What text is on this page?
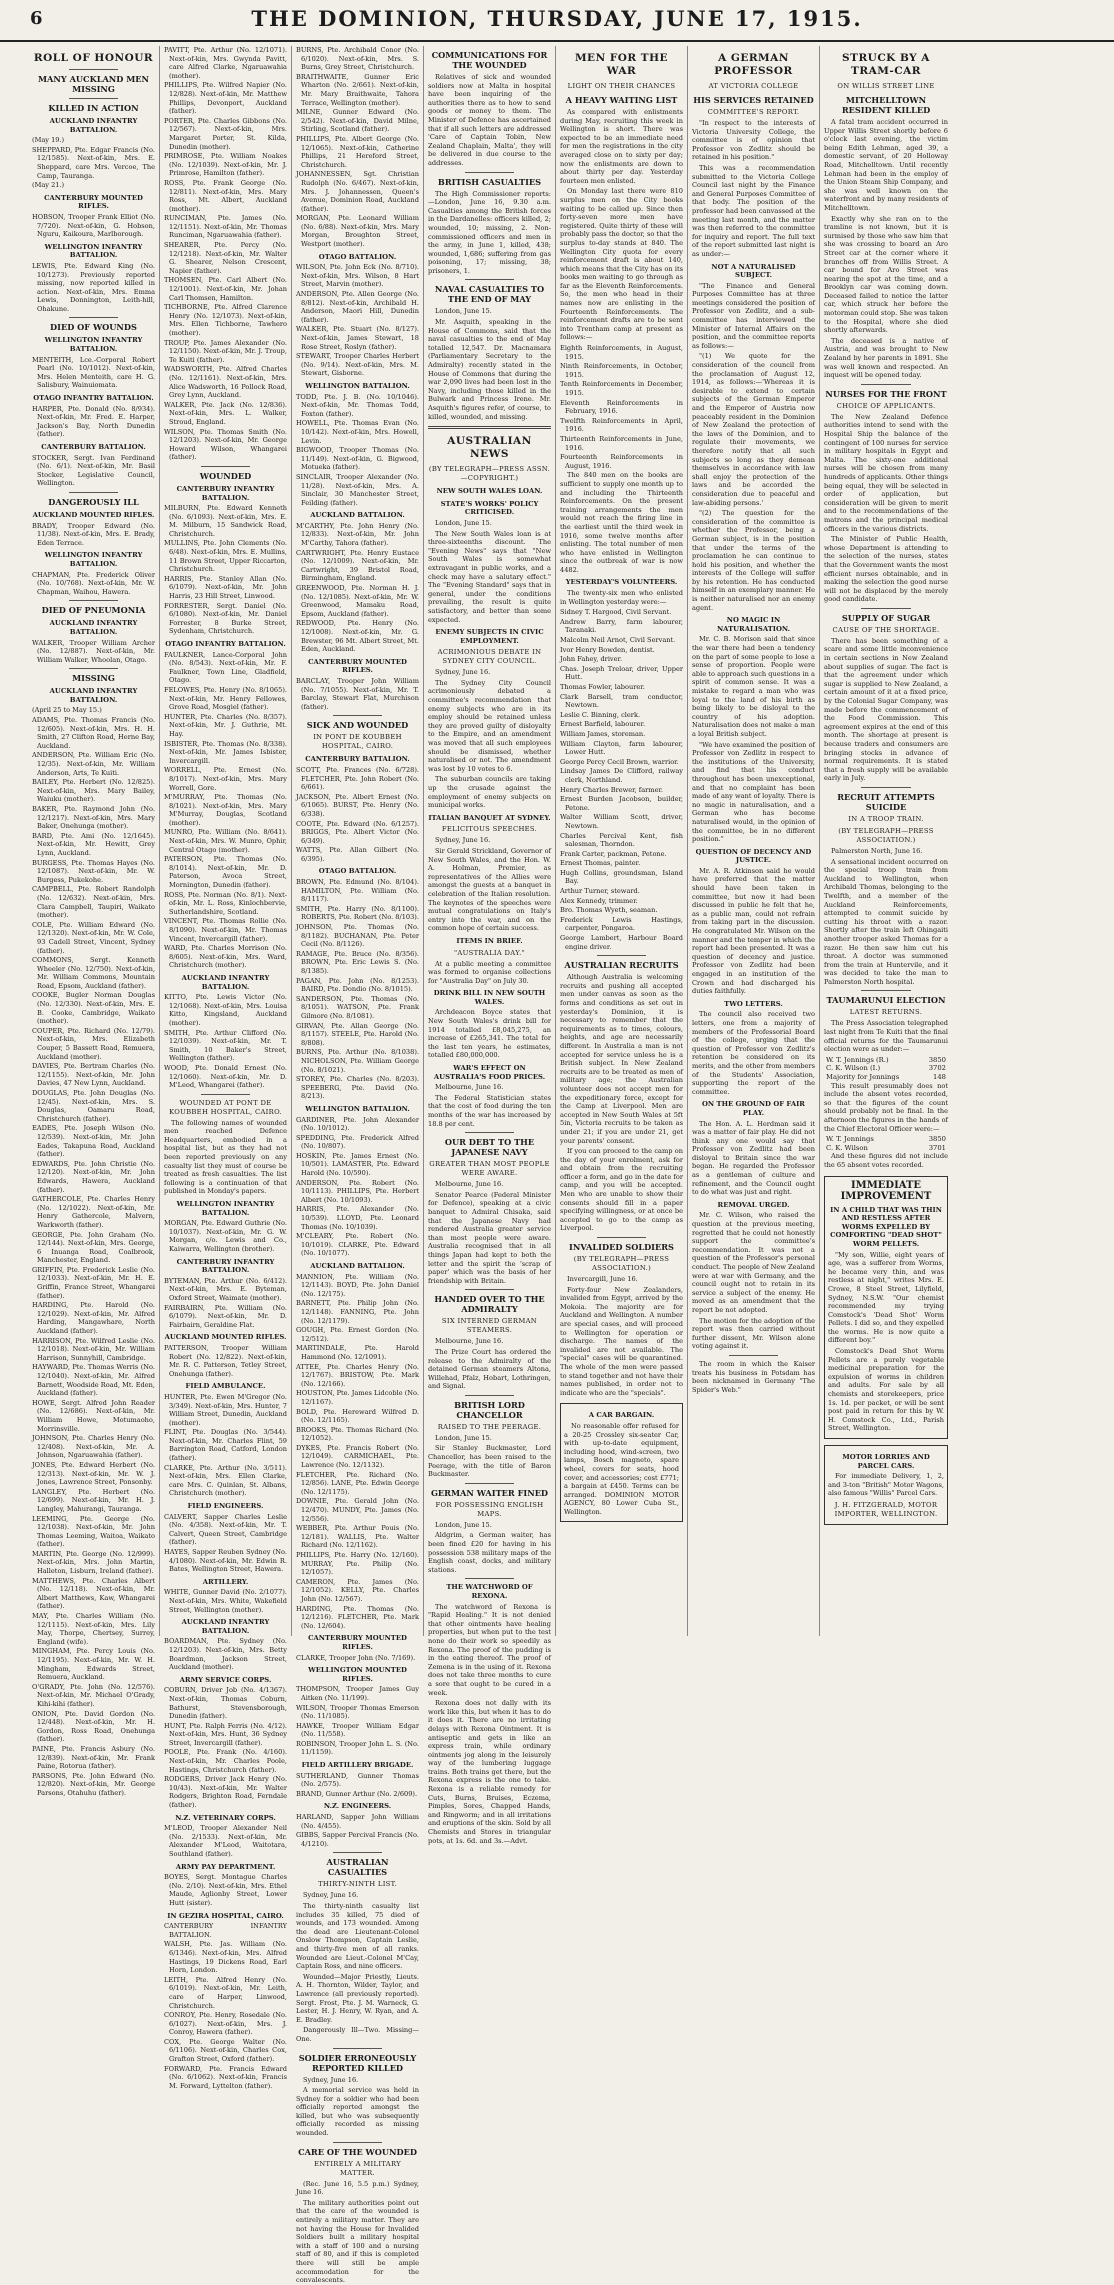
6	THE DOMINION, THURSDAY, JUNE 17, 1915.
ROLL OF HONOUR
MANY AUCKLAND MEN MISSING
KILLED IN ACTION
AUCKLAND INFANTRY BATTALION.
(May 19.)
SHEPPARD, Pte. Edgar Francis (No. 12/1585). Next-of-kin, Mrs. E. Sheppard, care Mrs. Vercoe, The Camp, Tauranga.
(May 21.)
CANTERBURY MOUNTED RIFLES.
HOBSON, Trooper Frank Elliot (No. 7/720). Next-of-kin, G. Hobson, Nguru, Kaikoura, Marlborough.
WELLINGTON INFANTRY BATTALION.
LEWIS, Pte. Edward King (No. 10/1273). Previously reported missing, now reported killed in action. Next-of-kin, Mrs. Emma Lewis, Donnington, Leith-hill, Ohakune.
DIED OF WOUNDS
WELLINGTON INFANTRY BATTALION.
MENTEITH, Lce.-Corporal Robert Pearl (No. 10/1012). Next-of-kin, Mrs. Helen Menteith, care H. G. Salisbury, Wainuiomata.
OTAGO INFANTRY BATTALION.
HARPER, Pte. Donald (No. 8/934). Next-of-kin, Mr. Fred. E. Harper, Jackson's Bay, North Dunedin (father).
CANTERBURY BATTALION.
STOCKER, Sergt. Ivan Ferdinand (No. 6/1). Next-of-kin, Mr. Basil Stocker, Legislative Council, Wellington.
DANGEROUSLY ILL
AUCKLAND MOUNTED RIFLES.
BRADY, Trooper Edward (No. 11/38). Next-of-kin, Mrs. E. Brady, Eden Terrace.
WELLINGTON INFANTRY BATTALION.
CHAPMAN, Pte. Frederick Oliver (No. 10/768). Next-of-kin, Mr. W. Chapman, Waihou, Hawera.
DIED OF PNEUMONIA
AUCKLAND INFANTRY BATTALION.
WALKER, Trooper William Archer (No. 12/887). Next-of-kin, Mr. William Walker, Whoolan, Otago.
MISSING
AUCKLAND INFANTRY BATTALION.
(April 25 to May 15.)
ADAMS, Pte. Thomas Francis (No. 12/605). Next-of-kin, Mrs. H. H. Smith, 27 Clifton Road, Herne Bay, Auckland.
ANDERSON, Pte. William Eric (No. 12/35). Next-of-kin, Mr. William Anderson, Arts, Te Kuiti.
BAILEY, Pte. Herbert (No. 12/825). Next-of-kin, Mrs. Mary Bailey, Waiuku (mother).
BAKER, Pte. Raymond John (No. 12/1217). Next-of-kin, Mrs. Mary Baker, Onehunga (mother).
BARD, Pte. Ami (No. 12/1645). Next-of-kin, Mr. Hewitt, Grey Lynn, Auckland.
BURGESS, Pte. Thomas Hayes (No. 12/1087). Next-of-kin, Mr. W. Burgess, Pukekohe.
CAMPBELL, Pte. Robert Randolph (No. 12/632). Next-of-kin, Mrs. Clara Campbell, Taupiri, Waikato (mother).
COLE, Pte. William Edward (No. 12/1320). Next-of-kin, Mr. W. Cole, 93 Cadell Street, Vincent, Sydney (father).
COMMONS, Sergt. Kenneth Wheeler (No. 12/750). Next-of-kin, Mr. William Commons, Mountain Road, Epsom, Auckland (father).
COOKE, Bugler Norman Douglas (No. 12/330). Next-of-kin, Mrs. E. B. Cooke, Cambridge, Waikato (mother).
COUPER, Pte. Richard (No. 12/79). Next-of-kin, Mrs. Elizabeth Couper, 5 Bassett Road, Remuera, Auckland (mother).
DAVIES, Pte. Bertram Charles (No. 12/1155). Next-of-kin, Mr. John Davies, 47 New Lynn, Auckland.
DOUGLAS, Pte. John Douglas (No. 12/45). Next-of-kin, Mrs. S. Douglas, Oamaru Road, Christchurch (father).
EADES, Pte. Joseph Wilson (No. 12/539). Next-of-kin, Mr. John Eades, Takapuna Road, Auckland (father).
EDWARDS, Pte. John Christie (No. 12/120). Next-of-kin, Mr. John Edwards, Hawera, Auckland (father).
GATHERCOLE, Pte. Charles Henry (No. 12/1022). Next-of-kin, Mr. Henry Gathercole, Malvern, Warkworth (father).
GEORGE, Pte. John Graham (No. 12/144). Next-of-kin, Mrs. George, 6 Inuanga Road, Coalbrook, Manchester, England.
GRIFFIN, Pte. Frederick Leslie (No. 12/1033). Next-of-kin, Mr. H. E. Griffin, France Street, Whangarei (father).
HARDING, Pte. Harold (No. 12/1029). Next-of-kin, Mr. Alfred Harding, Mangawhare, North Auckland (father).
HARRISON, Pte. Wilfred Leslie (No. 12/1018). Next-of-kin, Mr. William Harrison, Sunnyhill, Cambridge.
HAYWARD, Pte. Thomas Werris (No. 12/1040). Next-of-kin, Mr. Alfred Barnett, Woodside Road, Mt. Eden, Auckland (father).
HOWE, Sergt. Alfred John Reader (No. 12/686). Next-of-kin, Mr. William Howe, Motumaoho, Morrinsville.
JOHNSON, Pte. Charles Henry (No. 12/408). Next-of-kin, Mr. A. Johnson, Ngaruawahia (father).
JONES, Pte. Edward Herbert (No. 12/313). Next-of-kin, Mr. W. J. Jones, Lawrence Street, Ponsonby.
LANGLEY, Pte. Herbert (No. 12/699). Next-of-kin, Mr. H. J. Langley, Mahurangi, Tauranga.
LEEMING, Pte. George (No. 12/1038). Next-of-kin, Mr. John Thomas Leeming, Waitoa, Waikato (father).
MARTIN, Pte. George (No. 12/999). Next-of-kin, Mrs. John Martin, Halleton, Lisburn, Ireland (father).
MATTHEWS, Pte. Charles Albert (No. 12/118). Next-of-kin, Mr. Albert Matthews, Kaw, Whangarei (father).
MAY, Pte. Charles William (No. 12/1115). Next-of-kin, Mrs. Lily May, Thorpe, Chertsey, Surrey, England (wife).
MINGHAM, Pte. Percy Louis (No. 12/1195). Next-of-kin, Mr. W. H. Mingham, Edwards Street, Remuera, Auckland.
O'GRADY, Pte. John (No. 12/576). Next-of-kin, Mr. Michael O'Grady, Kihi-kihi (father).
ONION, Pte. David Gordon (No. 12/448). Next-of-kin, Mr. H. Gordon, Ross Road, Onehunga (father).
PAINE, Pte. Francis Asbury (No. 12/839). Next-of-kin, Mr. Frank Paine, Rotorua (father).
PARSONS, Pte. John Edward (No. 12/820). Next-of-kin, Mr. George Parsons, Otahuhu (father).
PAVITT, Pte. Arthur (No. 12/1071). Next-of-kin, Mrs. Gwynda Pavitt, care Alfred Clarke, Ngaruawahia (mother).
PHILLIPS, Pte. Wilfred Napier (No. 12/828). Next-of-kin, Mr. Matthew Phillips, Devonport, Auckland (father).
PORTER, Pte. Charles Gibbons (No. 12/567). Next-of-kin, Mrs. Margaret Porter, St. Kilda, Dunedin (mother).
PRIMROSE, Pte. William Noakes (No. 12/1039). Next-of-kin, Mr. J. Primrose, Hamilton (father).
ROSS, Pte. Frank George (No. 12/811). Next-of-kin, Mrs. Mary Ross, Mt. Albert, Auckland (mother).
RUNCIMAN, Pte. James (No. 12/1151). Next-of-kin, Mr. Thomas Runciman, Ngaruawahia (father).
SHEARER, Pte. Percy (No. 12/1218). Next-of-kin, Mr. Walter G. Shearer, Nelson Crescent, Napier (father).
THOMSEN, Pte. Carl Albert (No. 12/1001). Next-of-kin, Mr. Johan Carl Thomsen, Hamilton.
TICHBORNE, Pte. Alfred Clarence Henry (No. 12/1073). Next-of-kin, Mrs. Ellen Tichborne, Tawhero (mother).
TROUP, Pte. James Alexander (No. 12/1150). Next-of-kin, Mr. J. Troup, Te Kuiti (father).
WADSWORTH, Pte. Alfred Charles (No. 12/1161). Next-of-kin, Mrs. Alice Wadsworth, 16 Pollock Road, Grey Lynn, Auckland.
WALKER, Pte. Jack (No. 12/836). Next-of-kin, Mrs. L. Walker, Stroud, England.
WILSON, Pte. Thomas Smith (No. 12/1203). Next-of-kin, Mr. George Howard Wilson, Whangarei (father).
WOUNDED
CANTERBURY INFANTRY BATTALION.
MILBURN, Pte. Edward Kenneth (No. 6/1093). Next-of-kin, Mrs. E. M. Milburn, 15 Sandwick Road, Christchurch.
MULLINS, Pte. John Clements (No. 6/48). Next-of-kin, Mrs. E. Mullins, 11 Brown Street, Upper Riccarton, Christchurch.
HARRIS, Pte. Stanley Allan (No. 6/1079). Next-of-kin, Mr. John Harris, 23 Hill Street, Linwood.
FORRESTER, Sergt. Daniel (No. 6/1080). Next-of-kin, Mr. Daniel Forrester, 8 Burke Street, Sydenham, Christchurch.
OTAGO INFANTRY BATTALION.
FAULKNER, Lance-Corporal John (No. 8/543). Next-of-kin, Mr. F. Faulkner, Town Line, Gladfield, Otago.
FELOWES, Pte. Henry (No. 8/1065). Next-of-kin, Mr. Henry Fellowes, Grove Road, Mosgiel (father).
HUNTER, Pte. Charles (No. 8/357). Next-of-kin, Mr. J. Guthrie, Mt. Hay.
ISBISTER, Pte. Thomas (No. 8/338). Next-of-kin, Mr. James Isbister, Invercargill.
WORRELL, Pte. Ernest (No. 8/1017). Next-of-kin, Mrs. Mary Worrell, Gore.
M'MURRAY, Pte. Thomas (No. 8/1021). Next-of-kin, Mrs. Mary M'Murray, Douglas, Scotland (mother).
MUNRO, Pte. William (No. 8/641). Next-of-kin, Mrs. W. Munro, Ophir, Central Otago (mother).
PATERSON, Pte. Thomas (No. 8/1014). Next-of-kin, Mr. D. Paterson, Avoca Street, Mornington, Dunedin (father).
ROSS, Pte. Norman (No. 8/1). Next-of-kin, Mr. L. Ross, Kinlochbervie, Sutherlandshire, Scotland.
VINCENT, Pte. Thomas Rollie (No. 8/1090). Next-of-kin, Mr. Thomas Vincent, Invercargill (father).
WARD, Pte. Charles Morrison (No. 8/605). Next-of-kin, Mrs. Ward, Christchurch (mother).
AUCKLAND INFANTRY BATTALION.
KITTO, Pte. Lewis Victor (No. 12/1068). Next-of-kin, Mrs. Louisa Kitto, Kingsland, Auckland (mother).
SMITH, Pte. Arthur Clifford (No. 12/1039). Next-of-kin, Mr. T. Smith, 10 Baker's Street, Wellington (father).
WOOD, Pte. Donald Ernest (No. 12/1060). Next-of-kin, Mr. D. M'Leod, Whangarei (father).
WOUNDED AT PONT DE KOUBBEH HOSPITAL, CAIRO.

The following names of wounded men reached Defence Headquarters, embodied in a hospital list, but as they had not been reported previously on any casualty list they must of course be treated as fresh casualties. The list following is a continuation of that published in Monday's papers.

WELLINGTON INFANTRY BATTALION.
MORGAN, Pte. Edward Guthrie (No. 10/1037). Next-of-kin, Mr. G. W. Morgan, c/o. Lewis and Co., Kaiwarra, Wellington (brother).
CANTERBURY INFANTRY BATTALION.
BYTEMAN, Pte. Arthur (No. 6/412). Next-of-kin, Mrs. E. Byteman, Oxford Street, Waimate (mother).
FAIRBAIRN, Pte. William (No. 6/1079). Next-of-kin, Mr. D. Fairbairn, Geraldine Flat.
AUCKLAND MOUNTED RIFLES.
PATTERSON, Trooper William Robert (No. 12/822). Next-of-kin, Mr. R. C. Patterson, Tetley Street, Onehunga (father).
FIELD AMBULANCE.
HUNTER, Pte. Ewen M'Gregor (No. 3/349). Next-of-kin, Mrs. Hunter, 7 William Street, Dunedin, Auckland (mother).
FLINT, Pte. Douglas (No. 3/544). Next-of-kin, Mr. Charles Flint, 59 Barrington Road, Catford, London (father).
CLARKE, Pte. Arthur (No. 3/511). Next-of-kin, Mrs. Ellen Clarke, care Mrs. C. Quinlan, St. Albans, Christchurch (mother).
FIELD ENGINEERS.
CALVERT, Sapper Charles Leslie (No. 4/358). Next-of-kin, Mr. T. Calvert, Queen Street, Cambridge (father).
HAYES, Sapper Reuben Sydney (No. 4/1080). Next-of-kin, Mr. Edwin R. Bates, Wellington Street, Hawera.
ARTILLERY.
WHITE, Gunner David (No. 2/1077). Next-of-kin, Mrs. White, Wakefield Street, Wellington (mother).
AUCKLAND INFANTRY BATTALION.
BOARDMAN, Pte. Sydney (No. 12/1203). Next-of-kin, Mrs. Betty Boardman, Jackson Street, Auckland (mother).
ARMY SERVICE CORPS.
COBURN, Driver Job (No. 4/1367). Next-of-kin, Thomas Coburn, Bathurst, Stevensborough, Dunedin (father).
HUNT, Pte. Ralph Ferris (No. 4/12). Next-of-kin, Mrs. Hunt, 36 Sydney Street, Invercargill (father).
POOLE, Pte. Frank (No. 4/160). Next-of-kin, Mr. Charles Poole, Hastings, Christchurch (father).
RODGERS, Driver Jack Henry (No. 10/43). Next-of-kin, Mr. Walter Rodgers, Brighton Road, Ferndale (father).
N.Z. VETERINARY CORPS.
M'LEOD, Trooper Alexander Neil (No. 2/1533). Next-of-kin, Mr. Alexander M'Leod, Waitotara, Southland (father).
ARMY PAY DEPARTMENT.
BOYES, Sergt. Montague Charles (No. 2/10). Next-of-kin, Mrs. Ethel Maude, Aglionby Street, Lower Hutt (sister).
IN GEZIRA HOSPITAL, CAIRO.
CANTERBURY INFANTRY BATTALION.
WALSH, Pte. Jas. William (No. 6/1346). Next-of-kin, Mrs. Alfred Hastings, 19 Dickens Road, Earl Horn, London.
LEITH, Pte. Alfred Henry (No. 6/1019). Next-of-kin, Mr. Leith, care of Harper, Linwood, Christchurch.
CONROY, Pte. Henry, Rosedale (No. 6/1027). Next-of-kin, Mrs. J. Conroy, Hawera (father).
COX, Pte. George Walter (No. 6/1106). Next-of-kin, Charles Cox, Grafton Street, Oxford (father).
FORWARD, Pte. Francis Edward (No. 6/1062). Next-of-kin, Francis M. Forward, Lyttelton (father).
BURNS, Pte. Archibald Conor (No. 6/1020). Next-of-kin, Mrs. S. Burns, Grey Street, Christchurch.
BRAITHWAITE, Gunner Eric Wharton (No. 2/661). Next-of-kin, Mr. Mary Braithwaite, Tahora Terrace, Wellington (mother).
MILNE, Gunner Edward (No. 2/542). Next-of-kin, David Milne, Stirling, Scotland (father).
PHILLIPS, Pte. Albert George (No. 12/1065). Next-of-kin, Catherine Phillips, 21 Hereford Street, Christchurch.
JOHANNESSEN, Sgt. Christian Rudolph (No. 6/467). Next-of-kin, Mrs. J. Johannessen, Queen's Avenue, Dominion Road, Auckland (father).
MORGAN, Pte. Leonard William (No. 6/88). Next-of-kin, Mrs. Mary Morgan, Broughton Street, Westport (mother).
OTAGO BATTALION.
WILSON, Pte. John Eck (No. 8/710). Next-of-kin, Mrs. Wilson, 8 Hart Street, Marvin (mother).
ANDERSON, Pte. Allen George (No. 8/812). Next-of-kin, Archibald H. Anderson, Maori Hill, Dunedin (father).
WALKER, Pte. Stuart (No. 8/127). Next-of-kin, James Stewart, 18 Rose Street, Roslyn (father).
STEWART, Trooper Charles Herbert (No. 9/14). Next-of-kin, Mrs. M. Stewart, Gisborne.
WELLINGTON BATTALION.
TODD, Pte. J. B. (No. 10/1046). Next-of-kin, Mr. Thomas Todd, Foxton (father).
HOWELL, Pte. Thomas Evan (No. 10/142). Next-of-kin, Mrs. Howell, Levin.
BIGWOOD, Trooper Thomas (No. 11/149). Next-of-kin, G. Bigwood, Motueka (father).
SINCLAIR, Trooper Alexander (No. 11/28). Next-of-kin, Mrs. A. Sinclair, 30 Manchester Street, Feilding (father).
AUCKLAND BATTALION.
M'CARTHY, Pte. John Henry (No. 12/833). Next-of-kin, Mr. John M'Carthy, Tahora (father).
CARTWRIGHT, Pte. Henry Eustace (No. 12/1009). Next-of-kin, Mr. Cartwright, 39 Bristol Road, Birmingham, England.
GREENWOOD, Pte. Norman H. J. (No. 12/1085). Next-of-kin, Mr. W. Greenwood, Mamaku Road, Epsom, Auckland (father).
REDWOOD, Pte. Henry (No. 12/1008). Next-of-kin, Mr. G. Brewster, 96 Mt. Albert Street, Mt. Eden, Auckland.
CANTERBURY MOUNTED RIFLES.
BARCLAY, Trooper John William (No. 7/1055). Next-of-kin, Mr. T. Barclay, Stewart Flat, Murchison (father).
SICK AND WOUNDED
IN PONT DE KOUBBEH HOSPITAL, CAIRO.
CANTERBURY BATTALION.
SCOTT, Pte. Frances (No. 6/728). FLETCHER, Pte. John Robert (No. 6/661).
JACKSON, Pte. Albert Ernest (No. 6/1065). BURST, Pte. Henry (No. 6/338).
COOTE, Pte. Edward (No. 6/1257). BRIGGS, Pte. Albert Victor (No. 6/349).
WATTS, Pte. Allan Gilbert (No. 6/395).
OTAGO BATTALION.
BROWN, Pte. Edmund (No. 8/104). HAMILTON, Pte. William (No. 8/1117).
SMITH, Pte. Harry (No. 8/1100). ROBERTS, Pte. Robert (No. 8/103).
JOHNSON, Pte. Thomas (No. 8/1182). BUCHANAN, Pte. Peter Cecil (No. 8/1126).
RAMAGE, Pte. Bruce (No. 8/356). BROWN, Pte. Eric Lewis S. (No. 8/1385).
PAGAN, Pte. John (No. 8/1253). BAIRD, Pte. Dondio (No. 8/1015).
SANDERSON, Pte. Thomas (No. 8/1051). WATSON, Pte. Frank Gilmore (No. 8/1081).
GIRVAN, Pte. Allan George (No. 8/1157). STEELE, Pte. Harold (No. 8/808).
BURNS, Pte. Arthur (No. 8/1038). NICHOLSON, Pte. William George (No. 8/1021).
STOREY, Pte. Charles (No. 8/203). SPEEBERG, Pte. David (No. 8/213).
WELLINGTON BATTALION.
GARDINER, Pte. John Alexander (No. 10/1012).
SPEDDING, Pte. Frederick Alfred (No. 10/807).
HOSKIN, Pte. James Ernest (No. 10/501). LAMASTER, Pte. Edward Harold (No. 10/590).
ANDERSON, Pte. Robert (No. 10/1113). PHILLIPS, Pte. Herbert Albert (No. 10/1093).
HARRIS, Pte. Alexander (No. 10/539). LLOYD, Pte. Leonard Thomas (No. 10/1039).
M'CLEARY, Pte. Robert (No. 10/1019). CLARKE, Pte. Edward (No. 10/1077).
AUCKLAND BATTALION.
MANNION, Pte. William (No. 12/1143). BOYD, Pte. John Daniel (No. 12/175).
BARNETT, Pte. Philip John (No. 12/1148). FANNING, Pte. John (No. 12/1179).
GOUGH, Pte. Ernest Gordon (No. 12/512).
MARTINDALE, Pte. Harold Hammond (No. 12/1091).
ATTEE, Pte. Charles Henry (No. 12/1767). BRISTOW, Pte. Mark (No. 12/166).
HOUSTON, Pte. James Lidcoble (No. 12/1167).
BOLD, Pte. Hereward Wilfred D. (No. 12/1165).
BROOKS, Pte. Thomas Richard (No. 12/1052).
DYKES, Pte. Francis Robert (No. 12/1049). CARMICHAEL, Pte. Lawrence (No. 12/1132).
FLETCHER, Pte. Richard (No. 12/856). LANE, Pte. Edwin George (No. 12/1175).
DOWNIE, Pte. Gerald John (No. 12/470). MUNDY, Pte. James (No. 12/556).
WEBBER, Pte. Arthur Pouis (No. 12/181). WALLIS, Pte. Walter Richard (No. 12/1162).
PHILLIPS, Pte. Harry (No. 12/160). MURRAY, Pte. Philip (No. 12/1057).
CAMERON, Pte. James (No. 12/1052). KELLY, Pte. Charles John (No. 12/567).
HARDING, Pte. Thomas (No. 12/1216). FLETCHER, Pte. Mark (No. 12/604).
CANTERBURY MOUNTED RIFLES.
CLARKE, Trooper John (No. 7/169).
WELLINGTON MOUNTED RIFLES.
THOMPSON, Trooper James Guy Aitken (No. 11/199).
WILSON, Trooper Thomas Emerson (No. 11/1085).
HAWKE, Trooper William Edgar (No. 11/558).
ROBINSON, Trooper John L. S. (No. 11/1159).
FIELD ARTILLERY BRIGADE.
SUTHERLAND, Gunner Thomas (No. 2/575).
BRAND, Gunner Arthur (No. 2/609).
N.Z. ENGINEERS.
HARLAND, Sapper John William (No. 4/455).
GIBBS, Sapper Percival Francis (No. 4/1210).
AUSTRALIAN CASUALTIES
THIRTY-NINTH LIST.

Sydney, June 16.

The thirty-ninth casualty list includes 35 killed, 75 died of wounds, and 173 wounded. Among the dead are Lieutenant-Colonel Onslow Thompson, Captain Leslie, and thirty-five men of all ranks. Wounded are Lieut.-Colonel M'Cay, Captain Ross, and nine officers.

Wounded—Major Priestly, Lieuts. A. H. Thornton, Wilder, Taylor, and Lawrence (all previously reported). Sergt. Frost, Pte. J. M. Warneck, G. Lester, H. J. Henry, W. Ryan, and A. E. Bradley.

Dangerously Ill—Two. Missing—One.

SOLDIER ERRONEOUSLY REPORTED KILLED

Sydney, June 16.

A memorial service was held in Sydney for a soldier who had been officially reported amongst the killed, but who was subsequently officially recorded as missing wounded.

CARE OF THE WOUNDED
ENTIRELY A MILITARY MATTER.

(Rec. June 16, 5.5 p.m.) Sydney, June 16.

The military authorities point out that the care of the wounded is entirely a military matter. They are not having the House for Invalided Soldiers built a military hospital with a staff of 100 and a nursing staff of 80, and if this is completed there will still be ample accommodation for the convalescents.

COMMUNICATIONS FOR THE WOUNDED

Relatives of sick and wounded soldiers now at Malta in hospital have been inquiring of the authorities there as to how to send goods or money to them. The Minister of Defence has ascertained that if all such letters are addressed 'Care of Captain Tobin, New Zealand Chaplain, Malta', they will be delivered in due course to the addresses.

BRITISH CASUALTIES

The High Commissioner reports:—London, June 16, 9.30 a.m. Casualties among the British forces in the Dardanelles: officers killed, 2; wounded, 10; missing, 2. Non-commissioned officers and men in the army, in June 1, killed, 438; wounded, 1,686; suffering from gas poisoning, 17; missing, 38; prisoners, 1.

NAVAL CASUALTIES TO THE END OF MAY

London, June 15.

Mr. Asquith, speaking in the House of Commons, said that the naval casualties to the end of May totalled 12,547. Dr. Macnamara (Parliamentary Secretary to the Admiralty) recently stated in the House of Commons that during the war 2,090 lives had been lost in the Navy, including those killed in the Bulwark and Princess Irene. Mr. Asquith's figures refer, of course, to killed, wounded, and missing.

AUSTRALIAN NEWS
(BY TELEGRAPH—PRESS ASSN.—COPYRIGHT.)
NEW SOUTH WALES LOAN.
STATE'S WORKS' POLICY CRITICISED.

London, June 15.

The New South Wales loan is at three-sixteenths discount. The "Evening News" says that "New South Wales is somewhat extravagant in public works, and a check may have a salutary effect." The "Evening Standard" says that in general, under the conditions prevailing, the result is quite satisfactory, and better than some expected.

ENEMY SUBJECTS IN CIVIC EMPLOYMENT.
ACRIMONIOUS DEBATE IN SYDNEY CITY COUNCIL.

Sydney, June 16.

The Sydney City Council acrimoniously debated a committee's recommendation that enemy subjects who are in its employ should be retained unless they are proved guilty of disloyalty to the Empire, and an amendment was moved that all such employees should be dismissed, whether naturalised or not. The amendment was lost by 10 votes to 6.

The suburban councils are taking up the crusade against the employment of enemy subjects on municipal works.

ITALIAN BANQUET AT SYDNEY.
FELICITOUS SPEECHES.

Sydney, June 16.

Sir Gerald Strickland, Governor of New South Wales, and the Hon. W. A. Holman, Premier, as representatives of the Allies were amongst the guests at a banquet in celebration of the Italian resolution. The keynotes of the speeches were mutual congratulations on Italy's entry into the war, and on the common hope of certain success.

ITEMS IN BRIEF.
"AUSTRALIA DAY."

At a public meeting a committee was formed to organise collections for "Australia Day" on July 30.

DRINK BILL IN NEW SOUTH WALES.

Archdeacon Boyce states that New South Wales's drink bill for 1914 totalled £8,045,275, an increase of £265,341. The total for the last ten years, he estimates, totalled £80,000,000.

WAR'S EFFECT ON AUSTRALIA'S FOOD PRICES.

Melbourne, June 16.

The Federal Statistician states that the cost of food during the ten months of the war has increased by 18.8 per cent.

OUR DEBT TO THE JAPANESE NAVY
GREATER THAN MOST PEOPLE WERE AWARE.

Melbourne, June 16.

Senator Pearce (Federal Minister for Defence), speaking at a civic banquet to Admiral Chisaka, said that the Japanese Navy had rendered Australia greater service than most people were aware. Australia recognised that in all things Japan had kept to both the letter and the spirit the 'scrap of paper' which was the basis of her friendship with Britain.

HANDED OVER TO THE ADMIRALTY
SIX INTERNED GERMAN STEAMERS.

Melbourne, June 16.

The Prize Court has ordered the release to the Admiralty of the detained German steamers Altona, Willehad, Pfalz, Hobart, Lothringen, and Signal.

BRITISH LORD CHANCELLOR
RAISED TO THE PEERAGE.

London, June 15.

Sir Stanley Buckmaster, Lord Chancellor, has been raised to the Peerage, with the title of Baron Buckmaster.

GERMAN WAITER FINED
FOR POSSESSING ENGLISH MAPS.

London, June 15.

Aldgrim, a German waiter, has been fined £20 for having in his possession 538 military maps of the English coast, docks, and military stations.

THE WATCHWORD OF REXONA.

The watchword of Rexona is "Rapid Healing." It is not denied that other ointments have healing properties, but when put to the test none do their work so speedily as Rexona. The proof of the pudding is in the eating thereof. The proof of Zemena is in the using of it. Rexona does not take three months to cure a sore that ought to be cured in a week.

Rexona does not dally with its work like this, but when it has to do it does it. There are no irritating delays with Rexona Ointment. It is antiseptic and gets in like an express train, while ordinary ointments jog along in the leisurely way of the lumbering luggage trains. Both trains get there, but the Rexona express is the one to take. Rexona is a reliable remedy for Cuts, Burns, Bruises, Eczema, Pimples, Sores, Chapped Hands, and Ringworm; and in all irritations and eruptions of the skin. Sold by all Chemists and Stores in triangular pots, at 1s. 6d. and 3s.—Advt.

MEN FOR THE WAR
LIGHT ON THEIR CHANCES
A HEAVY WAITING LIST

As compared with enlistments during May, recruiting this week in Wellington is short. There was expected to be an immediate need for men the registrations in the city averaged close on to sixty per day; now the enlistments are down to about thirty per day. Yesterday fourteen men enlisted.

On Monday last there were 810 surplus men on the City books waiting to be called up. Since then forty-seven more men have registered. Quite thirty of these will probably pass the doctor, so that the surplus to-day stands at 840. The Wellington City quota for every reinforcement draft is about 140, which means that the City has on its books men waiting to go through as far as the Eleventh Reinforcements. So, the men who head in their names now are enlisting in the Fourteenth Reinforcements. The reinforcement drafts are to be sent into Trentham camp at present as follows:—

Eighth Reinforcements, in August, 1915.
Ninth Reinforcements, in October, 1915.
Tenth Reinforcements in December, 1915.
Eleventh Reinforcements in February, 1916.
Twelfth Reinforcements in April, 1916.
Thirteenth Reinforcements in June, 1916.
Fourteenth Reinforcements in August, 1916.

The 840 men on the books are sufficient to supply one month up to and including the Thirteenth Reinforcements. On the present training arrangements the men would not reach the firing line in the earliest until the third week in 1916, some twelve months after enlisting. The total number of men who have enlisted in Wellington since the outbreak of war is now 4482.

YESTERDAY'S VOLUNTEERS.

The twenty-six men who enlisted in Wellington yesterday were:—

Sidney T. Hargood, Civil Servant.
Andrew Barry, farm labourer, Taranaki.
Malcolm Neil Arnot, Civil Servant.
Ivor Henry Bowden, dentist.
John Fahey, driver.
Chas. Joseph Treloar, driver, Upper Hutt.
Thomas Fowler, labourer.
Clark Barsell, tram conductor, Newtown.
Leslie C. Binning, clerk.
Ernest Barfield, labourer.
William James, storeman.
William Clayton, farm labourer, Lower Hutt.
George Percy Cecil Brown, warrior.
Lindsay James De Clifford, railway clerk, Northland.
Henry Charles Brewer, farmer.
Ernest Burden Jacobson, builder, Petone.
Walter William Scott, driver, Newtown.
Charles Percival Kent, fish salesman, Thorndon.
Frank Carter, packman, Petone.
Ernest Thomas, painter.
Hugh Collins, groundsman, Island Bay.
Arthur Turner, steward.
Alex Kennedy, trimmer.
Bro. Thomas Wyeth, seaman.
Frederick Lewis Hastings, carpenter, Pongaroa.
George Lambert, Harbour Board engine driver.
AUSTRALIAN RECRUITS

Although Australia is welcoming recruits and pushing all accepted men under canvas as soon as the forms and conditions as set out in yesterday's Dominion, it is necessary to remember that the requirements as to times, colours, heights, and age are necessarily different. In Australia a man is not accepted for service unless he is a British subject. In New Zealand recruits are to be treated as men of military age; the Australian volunteer does not accept men for the expeditionary force, except for the Camp at Liverpool. Men are accepted in New South Wales at 5ft 5in, Victoria recruits to be taken as under 21; if you are under 21, get your parents' consent.

If you can proceed to the camp on the day of your enrolment, ask for and obtain from the recruiting officer a form, and go in the date for camp, and you will be accepted. Men who are unable to show their consents should fill in a paper specifying willingness, or at once be accepted to go to the camp as Liverpool.

INVALIDED SOLDIERS
(BY TELEGRAPH—PRESS ASSOCIATION.)

Invercargill, June 16.

Forty-four New Zealanders, invalided from Egypt, arrived by the Mokoia. The majority are for Auckland and Wellington. A number are special cases, and will proceed to Wellington for operation or discharge. The names of the invalided are not available. The "special" cases will be quarantined. The whole of the men were passed to stand together and not have their names published, in order not to indicate who are the "specials".

A CAR BARGAIN.

No reasonable offer refused for a 20-25 Crossley six-seater Car, with up-to-date equipment, including hood, wind-screen, two lamps, Bosch magneto, spare wheel, covers for seats, hood cover, and accessories; cost £771; a bargain at £450. Terms can be arranged. DOMINION MOTOR AGENCY, 80 Lower Cuba St., Wellington.

A GERMAN PROFESSOR
AT VICTORIA COLLEGE
HIS SERVICES RETAINED
COMMITTEE'S REPORT.

"In respect to the interests of Victoria University College, the committee is of opinion that Professor von Zedlitz should be retained in his position."

This was a recommendation submitted to the Victoria College Council last night by the Finance and General Purposes Committee of that body. The position of the professor had been canvassed at the meeting last month, and the matter was then referred to the committee for inquiry and report. The full text of the report submitted last night is as under:—

NOT A NATURALISED SUBJECT.

"The Finance and General Purposes Committee has at three meetings considered the position of Professor von Zedlitz, and a sub-committee has interviewed the Minister of Internal Affairs on the position, and the committee reports as follows:—

"(1) We quote for the consideration of the council from the proclamation of August 12, 1914, as follows:—'Whereas it is desirable to extend to certain subjects of the German Emperor and the Emperor of Austria now peaceably resident in the Dominion of New Zealand the protection of the laws of the Dominion, and to regulate their movements, we therefore notify that all such subjects so long as they demean themselves in accordance with law shall enjoy the protection of the laws and be accorded the consideration due to peaceful and law-abiding persons.'

"(2) The question for the consideration of the committee is whether the Professor, being a German subject, is in the position that under the terms of the proclamation he can continue to hold his position, and whether the interests of the College will suffer by his retention. He has conducted himself in an exemplary manner. He is neither naturalised nor an enemy agent.

NO MAGIC IN NATURALISATION.

Mr. C. B. Morison said that since the war there had been a tendency on the part of some people to lose a sense of proportion. People were able to approach such questions in a spirit of common sense. It was a mistake to regard a man who was loyal to the land of his birth as being likely to be disloyal to the country of his adoption. Naturalisation does not make a man a loyal British subject.

"We have examined the position of Professor von Zedlitz in respect to the institutions of the University, and find that his conduct throughout has been unexceptional, and that no complaint has been made of any want of loyalty. There is no magic in naturalisation, and a German who has become naturalised would, in the opinion of the committee, be in no different position."

QUESTION OF DECENCY AND JUSTICE.

Mr. A. R. Atkinson said he would have preferred that the matter should have been taken in committee, but now it had been discussed in public he felt that he, as a public man, could not refrain from taking part in the discussion. He congratulated Mr. Wilson on the manner and the temper in which the report had been presented. It was a question of decency and justice. Professor von Zedlitz had been engaged in an institution of the Crown and had discharged his duties faithfully.

TWO LETTERS.

The council also received two letters, one from a majority of members of the Professorial Board of the college, urging that the question of Professor von Zedlitz's retention be considered on its merits, and the other from members of the Students' Association, supporting the report of the committee.

ON THE GROUND OF FAIR PLAY.

The Hon. A. L. Herdman said it was a matter of fair play. He did not think any one would say that Professor von Zedlitz had been disloyal to Britain since the war began. He regarded the Professor as a gentleman of culture and refinement, and the Council ought to do what was just and right.

REMOVAL URGED.

Mr. C. Wilson, who raised the question at the previous meeting, regretted that he could not honestly support the committee's recommendation. It was not a question of the Professor's personal conduct. The people of New Zealand were at war with Germany, and the council ought not to retain in its service a subject of the enemy. He moved as an amendment that the report be not adopted.

The motion for the adoption of the report was then carried without further dissent, Mr. Wilson alone voting against it.

The room in which the Kaiser treats his business in Potsdam has been nicknamed in Germany "The Spider's Web."

STRUCK BY A TRAM-CAR
ON WILLIS STREET LINE
MITCHELLTOWN RESIDENT KILLED

A fatal tram accident occurred in Upper Willis Street shortly before 6 o'clock last evening, the victim being Edith Lehman, aged 39, a domestic servant, of 20 Holloway Road, Mitchelltown. Until recently Lehman had been in the employ of the Union Steam Ship Company, and she was well known on the waterfront and by many residents of Mitchelltown.

Exactly why she ran on to the tramline is not known, but it is surmised by those who saw him that she was crossing to board an Aro Street car at the corner where it branches off from Willis Street. A car bound for Aro Street was nearing the spot at the time, and a Brooklyn car was coming down. Deceased failed to notice the latter car, which struck her before the motorman could stop. She was taken to the Hospital, where she died shortly afterwards.

The deceased is a native of Austria, and was brought to New Zealand by her parents in 1891. She was well known and respected. An inquest will be opened today.

NURSES FOR THE FRONT
CHOICE OF APPLICANTS.

The New Zealand Defence authorities intend to send with the Hospital Ship the balance of the contingent of 100 nurses for service in military hospitals in Egypt and Malta. The sixty-one additional nurses will be chosen from many hundreds of applicants. Other things being equal, they will be selected in order of application, but consideration will be given to merit and to the recommendations of the matrons and the principal medical officers in the various districts.

The Minister of Public Health, whose Department is attending to the selection of the nurses, states that the Government wants the most efficient nurses obtainable, and in making the selection the good nurse will not be displaced by the merely good candidate.

SUPPLY OF SUGAR
CAUSE OF THE SHORTAGE.

There has been something of a scare and some little inconvenience in certain sections in New Zealand about supplies of sugar. The fact is that the agreement under which sugar is supplied to New Zealand, a certain amount of it at a fixed price, by the Colonial Sugar Company, was made before the commencement of the Food Commission. This agreement expires at the end of this month. The shortage at present is because traders and consumers are bringing stocks in advance of normal requirements. It is stated that a fresh supply will be available early in July.

RECRUIT ATTEMPTS SUICIDE
IN A TROOP TRAIN.
(BY TELEGRAPH—PRESS ASSOCIATION.)

Palmerston North, June 16.

A sensational incident occurred on the special troop train from Auckland to Wellington, when Archibald Thomas, belonging to the Twelfth, and a member of the Auckland Reinforcements, attempted to commit suicide by cutting his throat with a razor. Shortly after the train left Ohingaiti another trooper asked Thomas for a razor. He then saw him cut his throat. A doctor was summoned from the train at Huntervile, and it was decided to take the man to Palmerston North hospital.

TAUMARUNUI ELECTION
LATEST RETURNS.

The Press Association telegraphed last night from Te Kuiti that the final official returns for the Taumarunui election were as under:—

W. T. Jennings (R.)	3850
C. K. Wilson (I.)	3702
Majority for Jennings	148

This result presumably does not include the absent votes recorded, so that the figures of the count should probably not be final. In the afternoon the figures in the hands of the Chief Electoral Officer were:—

W. T. Jennings	3850
C. K. Wilson	3701

And these figures did not include the 65 absent votes recorded.

IMMEDIATE IMPROVEMENT
IN A CHILD THAT WAS THIN AND RESTLESS AFTER WORMS EXPELLED BY COMFORTING "DEAD SHOT" WORM PELLETS.

"My son, Willie, eight years of age, was a sufferer from Worms, he became very thin, and was restless at night," writes Mrs. E. Crowe, 8 Steel Street, Lilyfield, Sydney, N.S.W. "Our chemist recommended my trying Comstock's 'Dead Shot' Worm Pellets. I did so, and they expelled the worms. He is now quite a different boy."

Comstock's Dead Shot Worm Pellets are a purely vegetable medicinal preparation for the expulsion of worms in children and adults. For sale by all chemists and storekeepers, price 1s. 1d. per packet, or will be sent post paid in return for this by W. H. Comstock Co., Ltd., Parish Street, Wellington.

MOTOR LORRIES AND PARCEL CARS.

For immediate Delivery, 1, 2, and 3-ton "British" Motor Wagons, also famous "Willis" Parcel Cars.

J. H. FITZGERALD, MOTOR IMPORTER, WELLINGTON.
